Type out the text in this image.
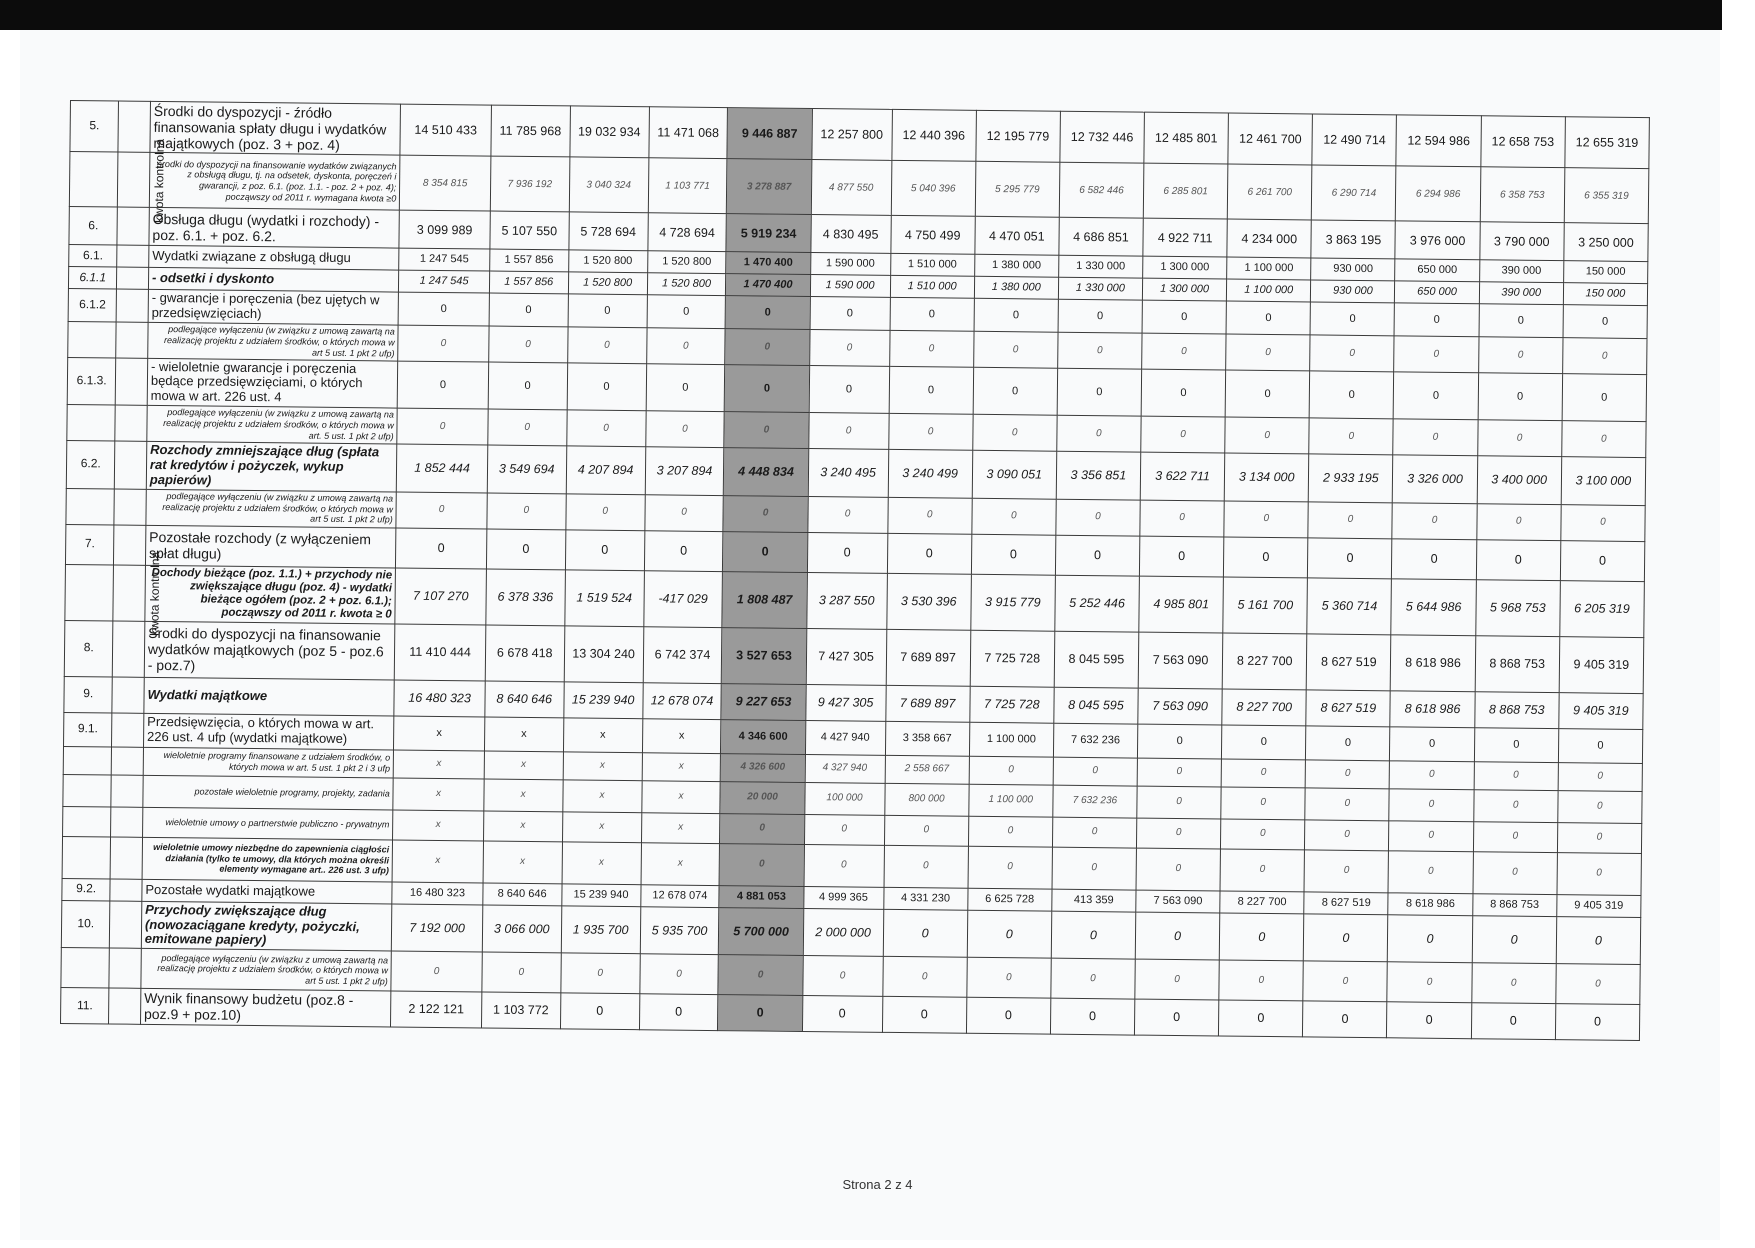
5.		Środki do dyspozycji - źródło finansowania spłaty długu i wydatków majątkowych (poz. 3 + poz. 4)	14 510 433	11 785 968	19 032 934	11 471 068	9 446 887	12 257 800	12 440 396	12 195 779	12 732 446	12 485 801	12 461 700	12 490 714	12 594 986	12 658 753	12 655 319
	kwota kontrolna	środki do dyspozycji na finansowanie wydatków związanych z obsługą długu, tj. na odsetek, dyskonta, poręczeń i gwarancji, z poz. 6.1. (poz. 1.1. - poz. 2 + poz. 4); począwszy od 2011 r. wymagana kwota ≥0	8 354 815	7 936 192	3 040 324	1 103 771	3 278 887	4 877 550	5 040 396	5 295 779	6 582 446	6 285 801	6 261 700	6 290 714	6 294 986	6 358 753	6 355 319
6.		Obsługa długu (wydatki i rozchody) - poz. 6.1. + poz. 6.2.	3 099 989	5 107 550	5 728 694	4 728 694	5 919 234	4 830 495	4 750 499	4 470 051	4 686 851	4 922 711	4 234 000	3 863 195	3 976 000	3 790 000	3 250 000
6.1.		Wydatki związane z obsługą długu	1 247 545	1 557 856	1 520 800	1 520 800	1 470 400	1 590 000	1 510 000	1 380 000	1 330 000	1 300 000	1 100 000	930 000	650 000	390 000	150 000
6.1.1		- odsetki i dyskonto	1 247 545	1 557 856	1 520 800	1 520 800	1 470 400	1 590 000	1 510 000	1 380 000	1 330 000	1 300 000	1 100 000	930 000	650 000	390 000	150 000
6.1.2		- gwarancje i poręczenia (bez ujętych w przedsięwzięciach)	0	0	0	0	0	0	0	0	0	0	0	0	0	0	0
		podlegające wyłączeniu (w związku z umową zawartą na realizację projektu z udziałem środków, o których mowa w art 5 ust. 1 pkt 2 ufp)	0	0	0	0	0	0	0	0	0	0	0	0	0	0	0
6.1.3.		- wieloletnie gwarancje i poręczenia będące przedsięwzięciami, o których mowa w art. 226 ust. 4	0	0	0	0	0	0	0	0	0	0	0	0	0	0	0
		podlegające wyłączeniu (w związku z umową zawartą na realizację projektu z udziałem środków, o których mowa w art. 5 ust. 1 pkt 2 ufp)	0	0	0	0	0	0	0	0	0	0	0	0	0	0	0
6.2.		Rozchody zmniejszające dług (spłata rat kredytów i pożyczek, wykup papierów)	1 852 444	3 549 694	4 207 894	3 207 894	4 448 834	3 240 495	3 240 499	3 090 051	3 356 851	3 622 711	3 134 000	2 933 195	3 326 000	3 400 000	3 100 000
		podlegające wyłączeniu (w związku z umową zawartą na realizację projektu z udziałem środków, o których mowa w art 5 ust. 1 pkt 2 ufp)	0	0	0	0	0	0	0	0	0	0	0	0	0	0	0
7.		Pozostałe rozchody (z wyłączeniem spłat długu)	0	0	0	0	0	0	0	0	0	0	0	0	0	0	0
	kwota kontrolna	Dochody bieżące (poz. 1.1.) + przychody nie zwiększające długu (poz. 4) - wydatki bieżące ogółem (poz. 2 + poz. 6.1.); począwszy od 2011 r. kwota ≥ 0	7 107 270	6 378 336	1 519 524	-417 029	1 808 487	3 287 550	3 530 396	3 915 779	5 252 446	4 985 801	5 161 700	5 360 714	5 644 986	5 968 753	6 205 319
8.		Środki do dyspozycji na finansowanie wydatków majątkowych (poz 5 - poz.6 - poz.7)	11 410 444	6 678 418	13 304 240	6 742 374	3 527 653	7 427 305	7 689 897	7 725 728	8 045 595	7 563 090	8 227 700	8 627 519	8 618 986	8 868 753	9 405 319
9.		Wydatki majątkowe	16 480 323	8 640 646	15 239 940	12 678 074	9 227 653	9 427 305	7 689 897	7 725 728	8 045 595	7 563 090	8 227 700	8 627 519	8 618 986	8 868 753	9 405 319
9.1.		Przedsięwzięcia, o których mowa w art. 226 ust. 4 ufp (wydatki majątkowe)	x	x	x	x	4 346 600	4 427 940	3 358 667	1 100 000	7 632 236	0	0	0	0	0	0
		wieloletnie programy finansowane z udziałem środków, o których mowa w art. 5 ust. 1 pkt 2 i 3 ufp	x	x	x	x	4 326 600	4 327 940	2 558 667	0	0	0	0	0	0	0	0
		pozostałe wieloletnie programy, projekty, zadania	x	x	x	x	20 000	100 000	800 000	1 100 000	7 632 236	0	0	0	0	0	0
		wieloletnie umowy o partnerstwie publiczno - prywatnym	x	x	x	x	0	0	0	0	0	0	0	0	0	0	0
		wieloletnie umowy niezbędne do zapewnienia ciągłości działania (tylko te umowy, dla których można określi elementy wymagane art.. 226 ust. 3 ufp)	x	x	x	x	0	0	0	0	0	0	0	0	0	0	0
9.2.		Pozostałe wydatki majątkowe	16 480 323	8 640 646	15 239 940	12 678 074	4 881 053	4 999 365	4 331 230	6 625 728	413 359	7 563 090	8 227 700	8 627 519	8 618 986	8 868 753	9 405 319
10.		Przychody zwiększające dług (nowozaciągane kredyty, pożyczki, emitowane papiery)	7 192 000	3 066 000	1 935 700	5 935 700	5 700 000	2 000 000	0	0	0	0	0	0	0	0	0
		podlegające wyłączeniu (w związku z umową zawartą na realizację projektu z udziałem środków, o których mowa w art 5 ust. 1 pkt 2 ufp)	0	0	0	0	0	0	0	0	0	0	0	0	0	0	0
11.		Wynik finansowy budżetu (poz.8 - poz.9 + poz.10)	2 122 121	1 103 772	0	0	0	0	0	0	0	0	0	0	0	0	0
Strona 2 z 4
